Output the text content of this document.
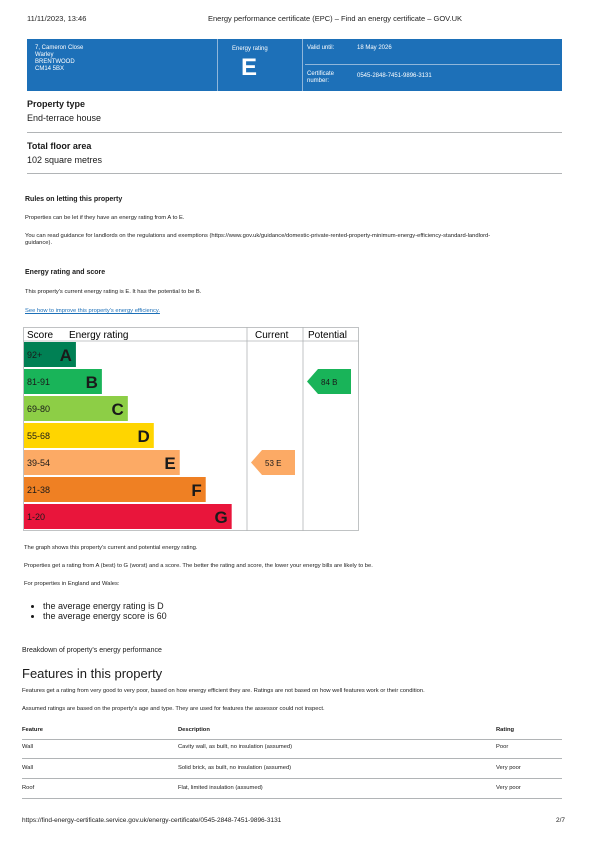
11/11/2023, 13:46	Energy performance certificate (EPC) – Find an energy certificate – GOV.UK
7, Cameron Close
Warley
BRENTWOOD
CM14 5BX
Energy rating
E
Valid until:	18 May 2026
Certificate
number:
0545-2848-7451-9896-3131
Property type
End-terrace house
Total floor area
102 square metres
Rules on letting this property
Properties can be let if they have an energy rating from A to E.
You can read guidance for landlords on the regulations and exemptions (https://www.gov.uk/guidance/domestic-private-rented-property-minimum-energy-efficiency-standard-landlord-
guidance).
Energy rating and score
This property's current energy rating is E. It has the potential to be B.
See how to improve this property's energy efficiency.
Score Energy rating	Current Potential
92+ A
81-91 B
69-80	C
55-68	D
39-54	E
21-38	F
1-20	G
53 E
84 B
The graph shows this property's current and potential energy rating.
Properties get a rating from A (best) to G (worst) and a score. The better the rating and score, the lower your energy bills are likely to be.
For properties in England and Wales:
• the average energy rating is D
• the average energy score is 60
Breakdown of property's energy performance
Features in this property
Features get a rating from very good to very poor, based on how energy efficient they are. Ratings are not based on how well features work or their condition.
Assumed ratings are based on the property's age and type. They are used for features the assessor could not inspect.
Feature	Description	Rating
Wall	Cavity wall, as built, no insulation (assumed)	Poor
Wall	Solid brick, as built, no insulation (assumed)	Very poor
Roof	Flat, limited insulation (assumed)	Very poor
https://find-energy-certificate.service.gov.uk/energy-certificate/0545-2848-7451-9896-3131	2/7
